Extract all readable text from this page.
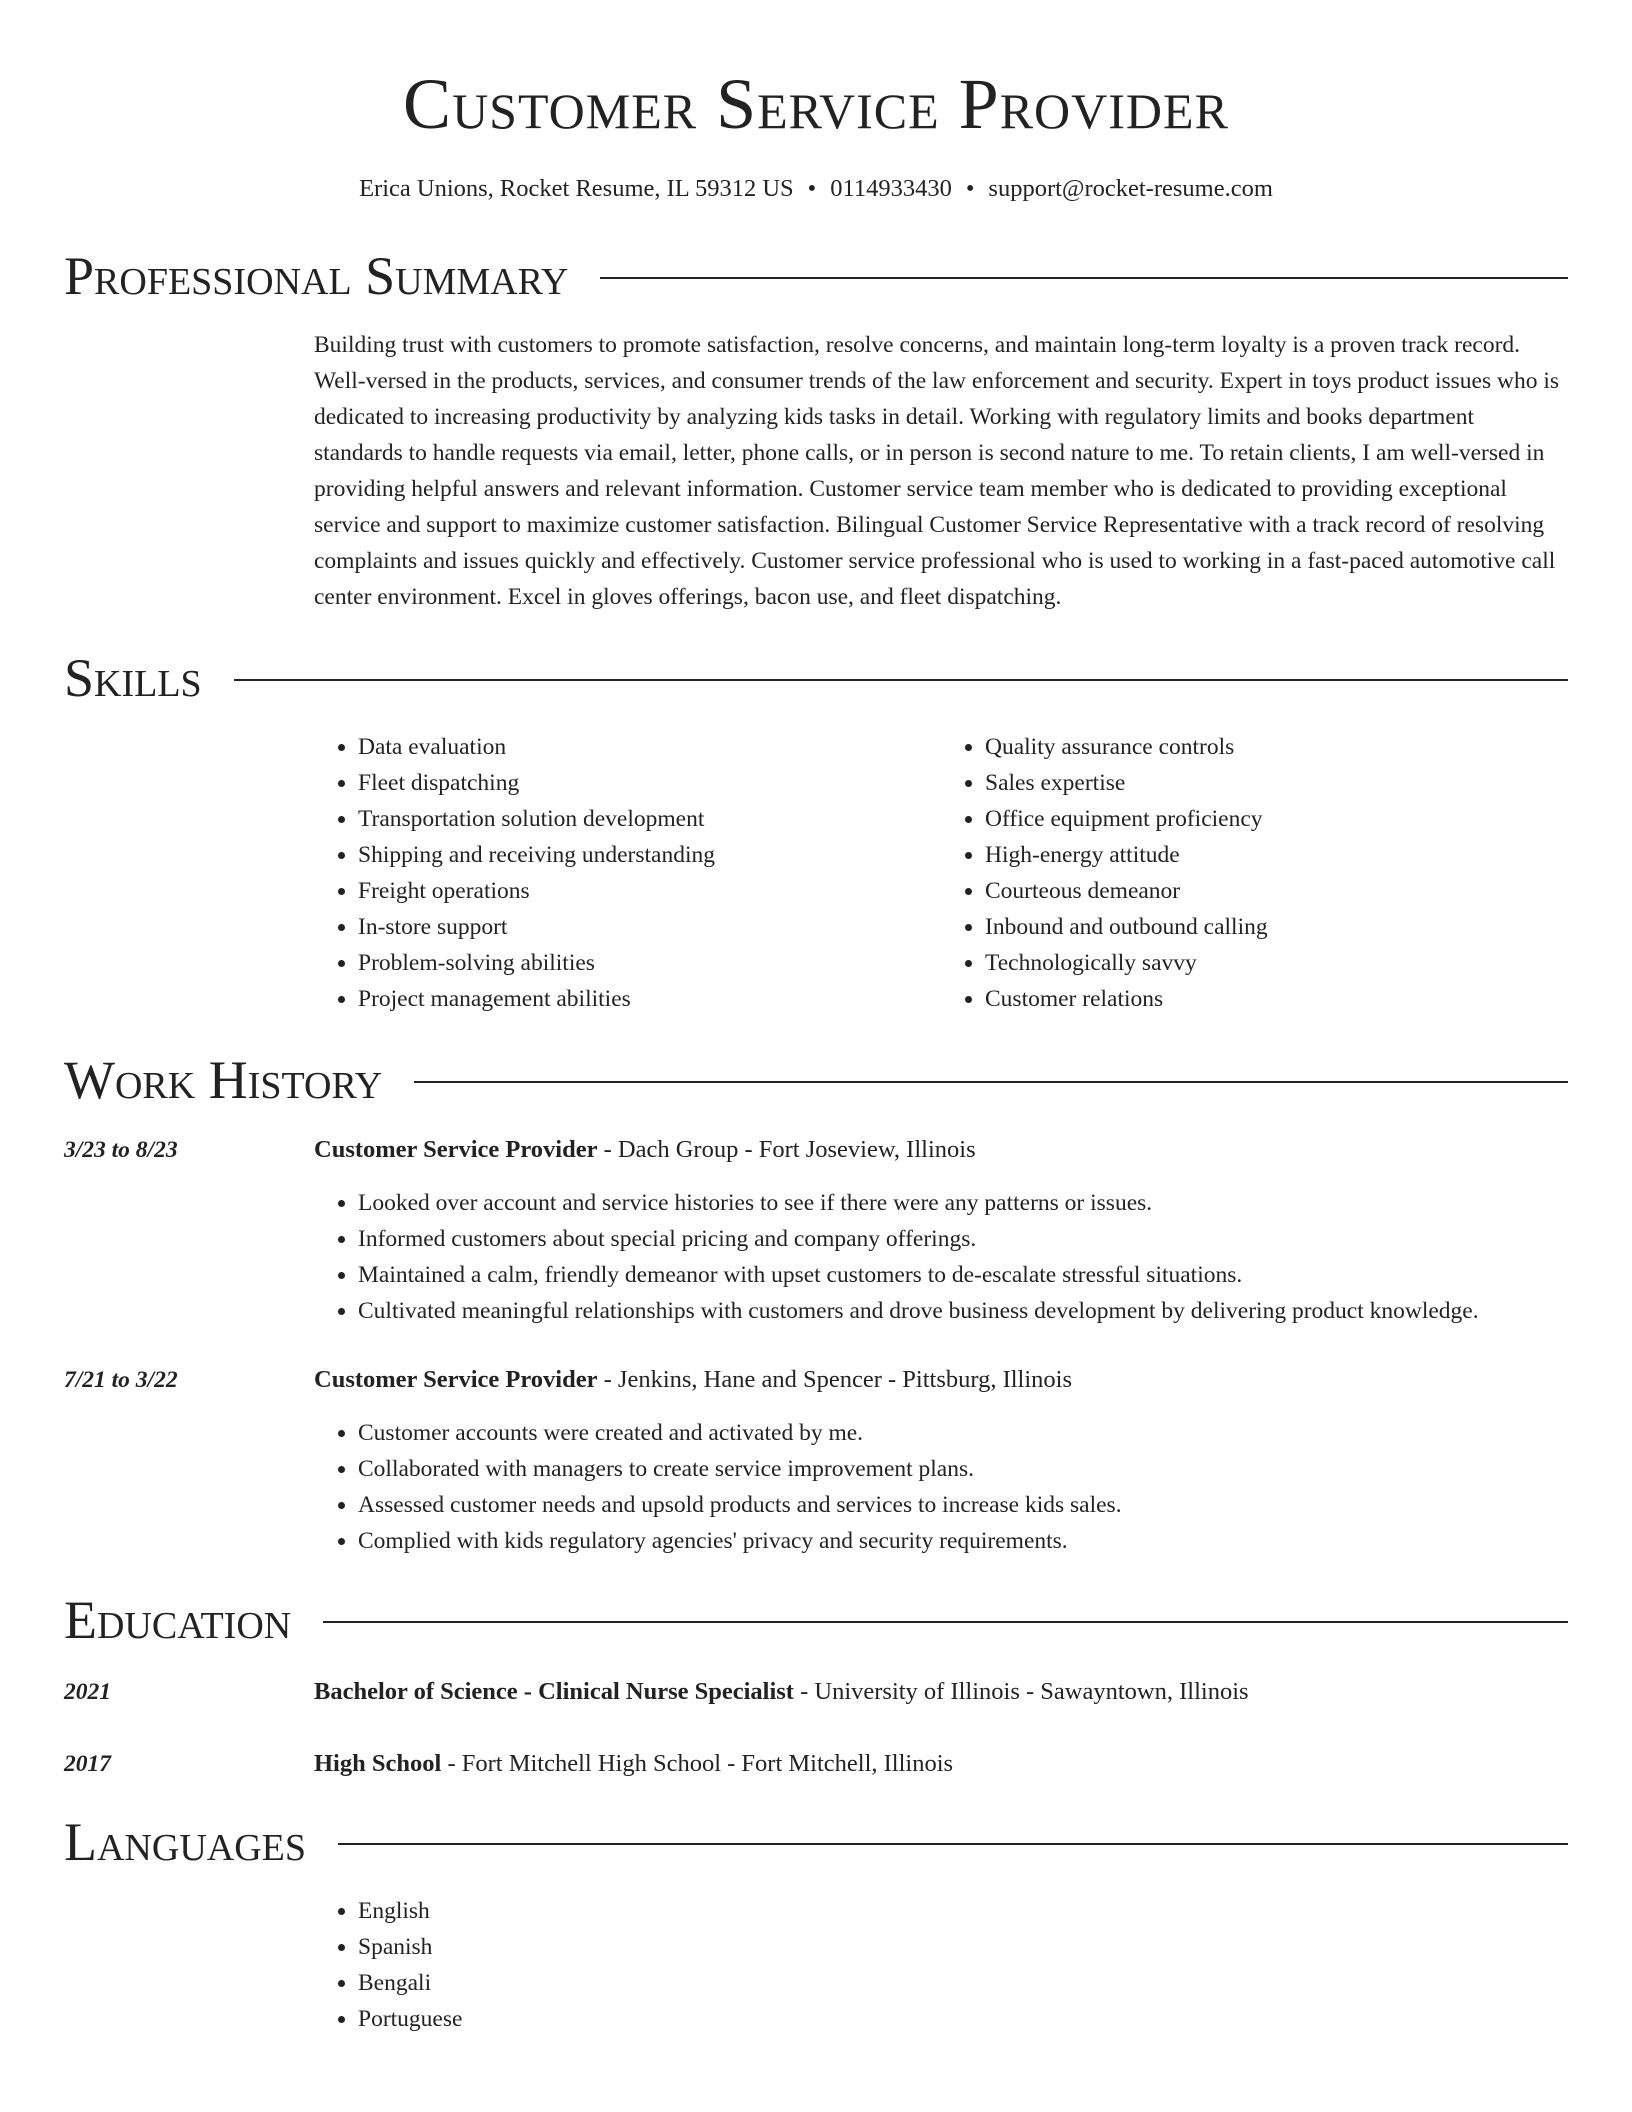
Customer Service Provider
Erica Unions, Rocket Resume, IL 59312 US • 0114933430 • support@rocket-resume.com
Professional Summary

Building trust with customers to promote satisfaction, resolve concerns, and maintain long-term loyalty is a proven track record. Well-versed in the products, services, and consumer trends of the law enforcement and security. Expert in toys product issues who is dedicated to increasing productivity by analyzing kids tasks in detail. Working with regulatory limits and books department standards to handle requests via email, letter, phone calls, or in person is second nature to me. To retain clients, I am well-versed in providing helpful answers and relevant information. Customer service team member who is dedicated to providing exceptional service and support to maximize customer satisfaction. Bilingual Customer Service Representative with a track record of resolving complaints and issues quickly and effectively. Customer service professional who is used to working in a fast-paced automotive call center environment. Excel in gloves offerings, bacon use, and fleet dispatching.

Skills
• Data evaluation
• Fleet dispatching
• Transportation solution development
• Shipping and receiving understanding
• Freight operations
• In-store support
• Problem-solving abilities
• Project management abilities
• Quality assurance controls
• Sales expertise
• Office equipment proficiency
• High-energy attitude
• Courteous demeanor
• Inbound and outbound calling
• Technologically savvy
• Customer relations
Work History
3/23 to 8/23	Customer Service Provider - Dach Group - Fort Joseview, Illinois
• Looked over account and service histories to see if there were any patterns or issues.
• Informed customers about special pricing and company offerings.
• Maintained a calm, friendly demeanor with upset customers to de-escalate stressful situations.
• Cultivated meaningful relationships with customers and drove business development by delivering product knowledge.
7/21 to 3/22	Customer Service Provider - Jenkins, Hane and Spencer - Pittsburg, Illinois
• Customer accounts were created and activated by me.
• Collaborated with managers to create service improvement plans.
• Assessed customer needs and upsold products and services to increase kids sales.
• Complied with kids regulatory agencies' privacy and security requirements.
Education
2021	Bachelor of Science - Clinical Nurse Specialist - University of Illinois - Sawayntown, Illinois
2017	High School - Fort Mitchell High School - Fort Mitchell, Illinois
Languages
• English
• Spanish
• Bengali
• Portuguese
